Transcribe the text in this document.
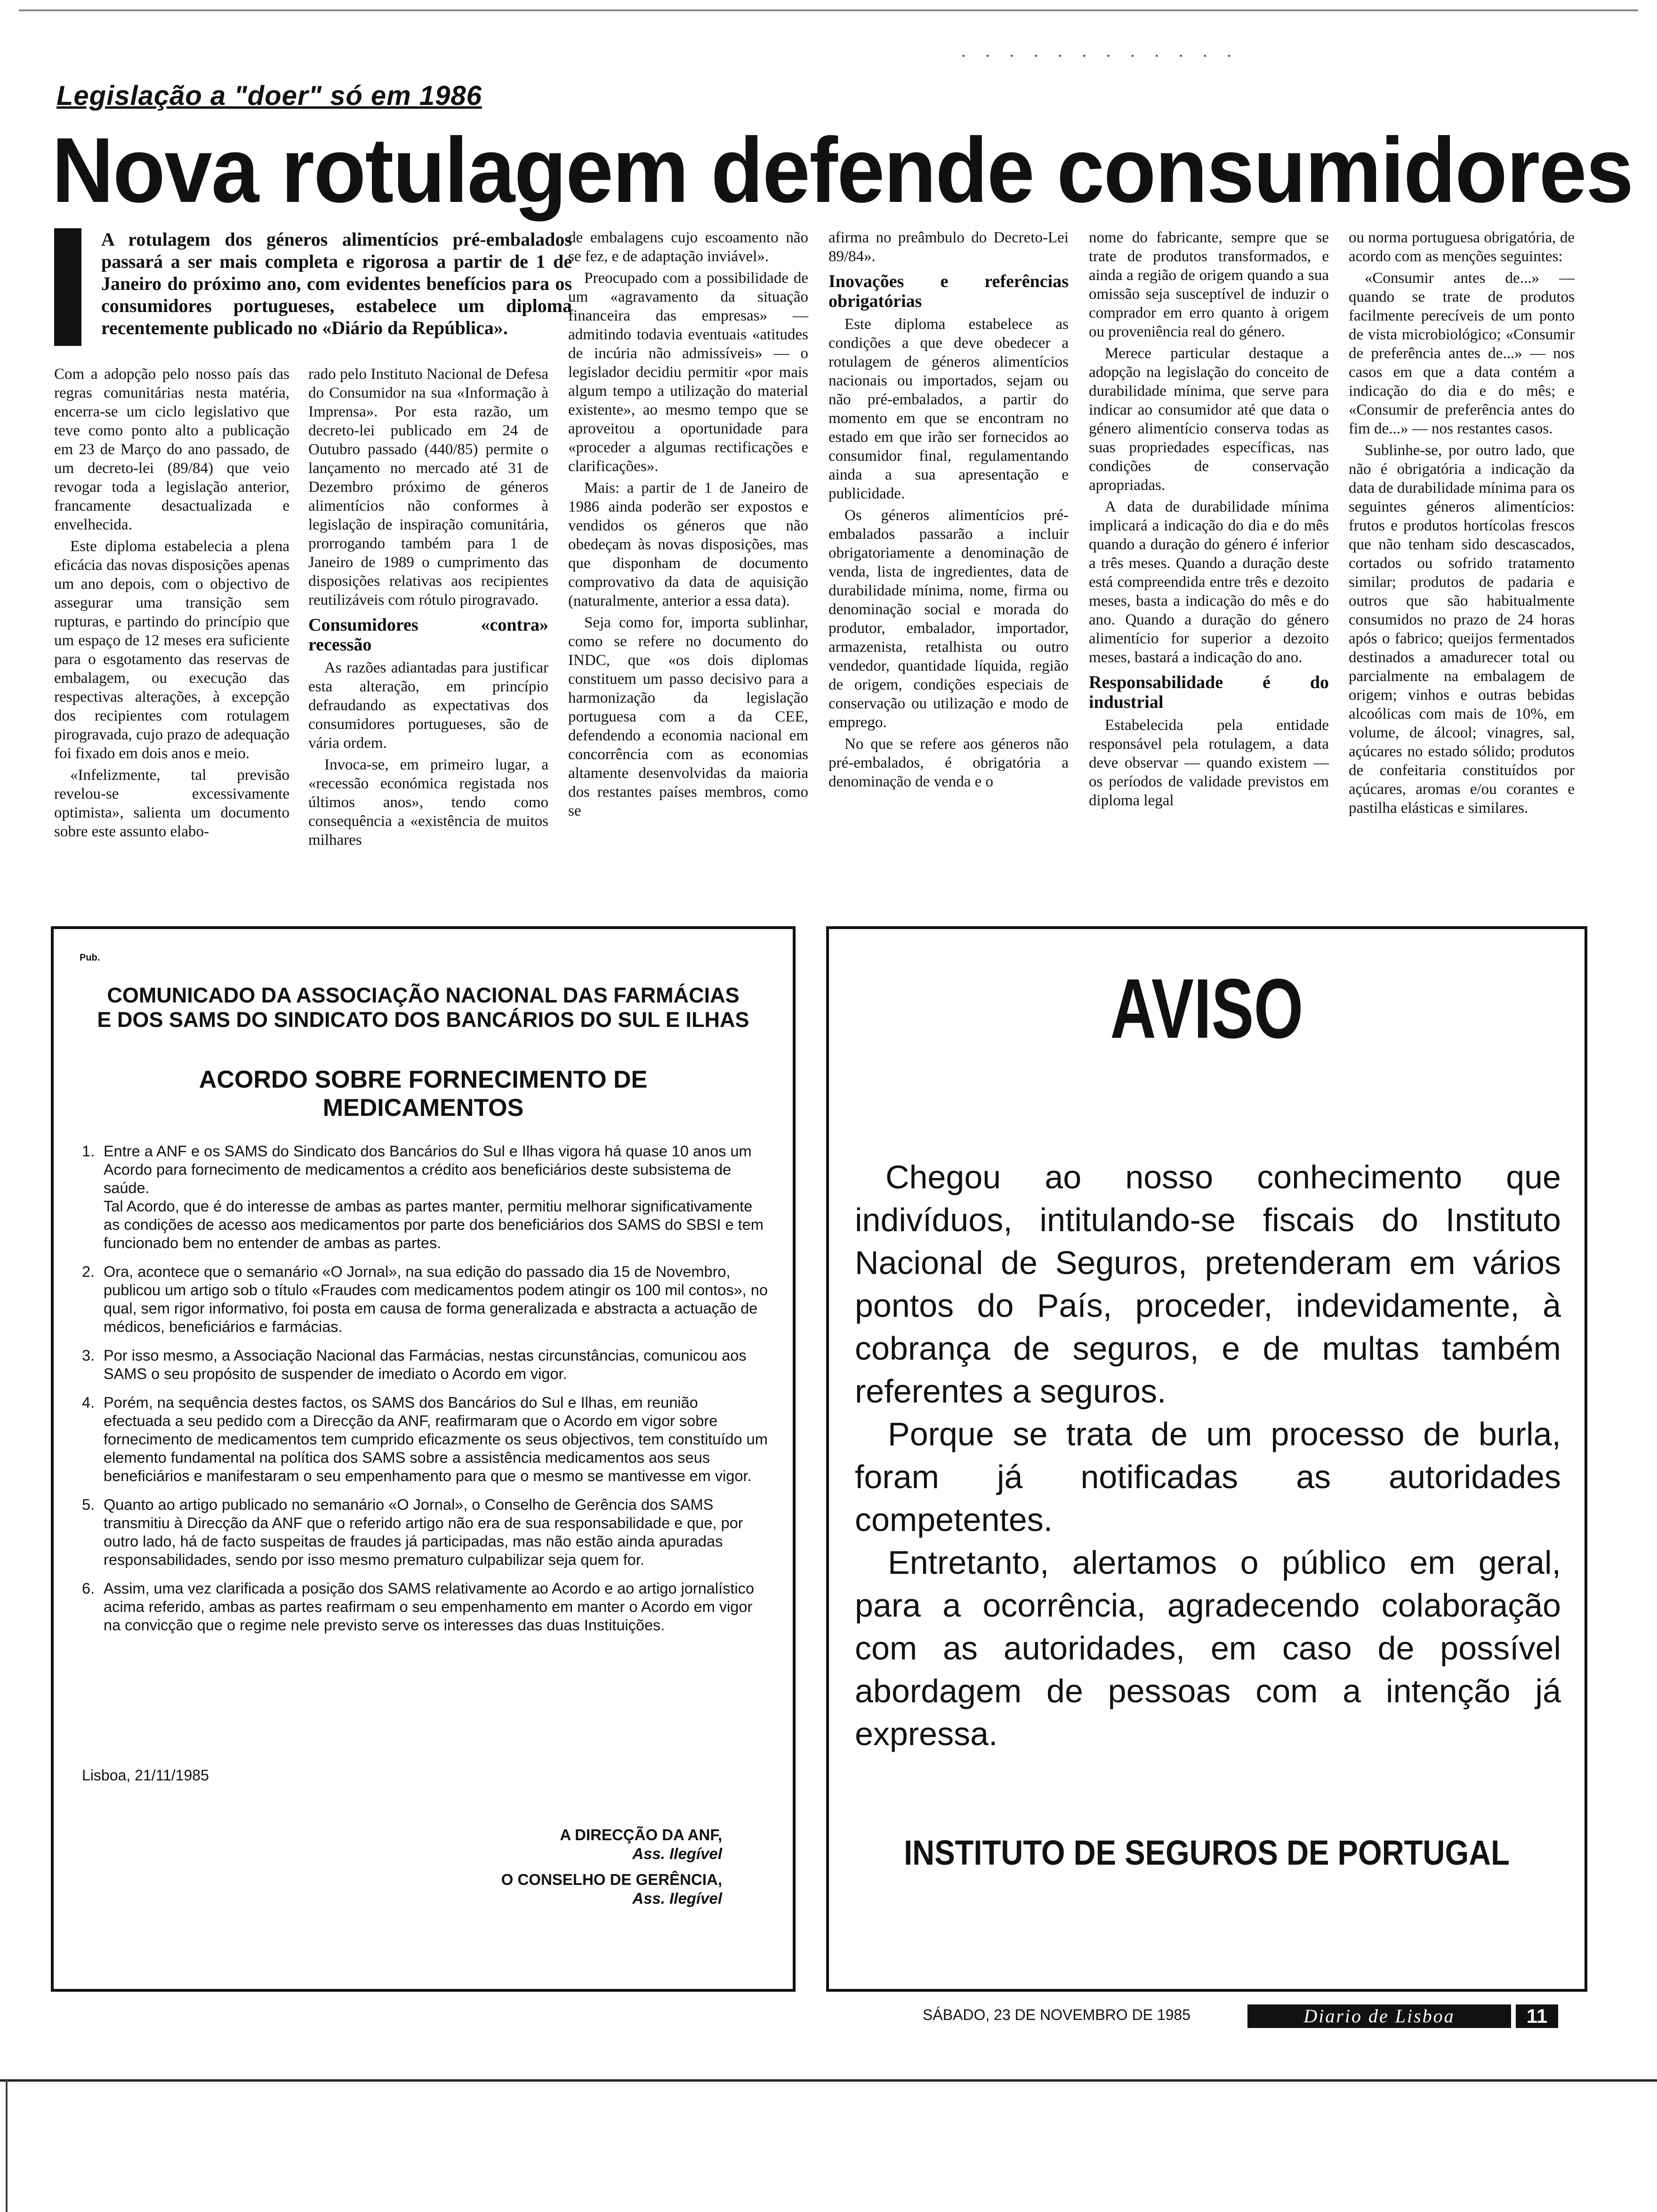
· · · · · · · · · · · ·
Legislação a "doer" só em 1986
Nova rotulagem defende consumidores

A rotulagem dos géneros alimentícios pré-embalados passará a ser mais completa e rigorosa a partir de 1 de Janeiro do próximo ano, com evidentes benefícios para os consumidores portugueses, estabelece um diploma recentemente publicado no «Diário da República».

Com a adopção pelo nosso país das regras comunitárias nesta matéria, encerra-se um ciclo legislativo que teve como ponto alto a publicação em 23 de Março do ano passado, de um decreto-lei (89/84) que veio revogar toda a legislação anterior, francamente desactualizada e envelhecida.

Este diploma estabelecia a plena eficácia das novas disposições apenas um ano depois, com o objectivo de assegurar uma transição sem rupturas, e partindo do princípio que um espaço de 12 meses era suficiente para o esgotamento das reservas de embalagem, ou execução das respectivas alterações, à excepção dos recipientes com rotulagem pirogravada, cujo prazo de adequação foi fixado em dois anos e meio.

«Infelizmente, tal previsão revelou-se excessivamente optimista», salienta um documento sobre este assunto elabo-

rado pelo Instituto Nacional de Defesa do Consumidor na sua «Informação à Imprensa». Por esta razão, um decreto-lei publicado em 24 de Outubro passado (440/85) permite o lançamento no mercado até 31 de Dezembro próximo de géneros alimentícios não conformes à legislação de inspiração comunitária, prorrogando também para 1 de Janeiro de 1989 o cumprimento das disposições relativas aos recipientes reutilizáveis com rótulo pirogravado.

Consumidores «contra» recessão

As razões adiantadas para justificar esta alteração, em princípio defraudando as expectativas dos consumidores portugueses, são de vária ordem.

Invoca-se, em primeiro lugar, a «recessão económica registada nos últimos anos», tendo como consequência a «existência de muitos milhares

de embalagens cujo escoamento não se fez, e de adaptação inviável».

Preocupado com a possibilidade de um «agravamento da situação financeira das empresas» — admitindo todavia eventuais «atitudes de incúria não admissíveis» — o legislador decidiu permitir «por mais algum tempo a utilização do material existente», ao mesmo tempo que se aproveitou a oportunidade para «proceder a algumas rectificações e clarificações».

Mais: a partir de 1 de Janeiro de 1986 ainda poderão ser expostos e vendidos os géneros que não obedeçam às novas disposições, mas que disponham de documento comprovativo da data de aquisição (naturalmente, anterior a essa data).

Seja como for, importa sublinhar, como se refere no documento do INDC, que «os dois diplomas constituem um passo decisivo para a harmonização da legislação portuguesa com a da CEE, defendendo a economia nacional em concorrência com as economias altamente desenvolvidas da maioria dos restantes países membros, como se

afirma no preâmbulo do Decreto-Lei 89/84».

Inovações e referências obrigatórias

Este diploma estabelece as condições a que deve obedecer a rotulagem de géneros alimentícios nacionais ou importados, sejam ou não pré-embalados, a partir do momento em que se encontram no estado em que irão ser fornecidos ao consumidor final, regulamentando ainda a sua apresentação e publicidade.

Os géneros alimentícios pré-embalados passarão a incluir obrigatoriamente a denominação de venda, lista de ingredientes, data de durabilidade mínima, nome, firma ou denominação social e morada do produtor, embalador, importador, armazenista, retalhista ou outro vendedor, quantidade líquida, região de origem, condições especiais de conservação ou utilização e modo de emprego.

No que se refere aos géneros não pré-embalados, é obrigatória a denominação de venda e o

nome do fabricante, sempre que se trate de produtos transformados, e ainda a região de origem quando a sua omissão seja susceptível de induzir o comprador em erro quanto à origem ou proveniência real do género.

Merece particular destaque a adopção na legislação do conceito de durabilidade mínima, que serve para indicar ao consumidor até que data o género alimentício conserva todas as suas propriedades específicas, nas condições de conservação apropriadas.

A data de durabilidade mínima implicará a indicação do dia e do mês quando a duração do género é inferior a três meses. Quando a duração deste está compreendida entre três e dezoito meses, basta a indicação do mês e do ano. Quando a duração do género alimentício for superior a dezoito meses, bastará a indicação do ano.

Responsabilidade é do industrial

Estabelecida pela entidade responsável pela rotulagem, a data deve observar — quando existem — os períodos de validade previstos em diploma legal

ou norma portuguesa obrigatória, de acordo com as menções seguintes:

«Consumir antes de...» — quando se trate de produtos facilmente perecíveis de um ponto de vista microbiológico; «Consumir de preferência antes de...» — nos casos em que a data contém a indicação do dia e do mês; e «Consumir de preferência antes do fim de...» — nos restantes casos.

Sublinhe-se, por outro lado, que não é obrigatória a indicação da data de durabilidade mínima para os seguintes géneros alimentícios: frutos e produtos hortícolas frescos que não tenham sido descascados, cortados ou sofrido tratamento similar; produtos de padaria e outros que são habitualmente consumidos no prazo de 24 horas após o fabrico; queijos fermentados destinados a amadurecer total ou parcialmente na embalagem de origem; vinhos e outras bebidas alcoólicas com mais de 10%, em volume, de álcool; vinagres, sal, açúcares no estado sólido; produtos de confeitaria constituídos por açúcares, aromas e/ou corantes e pastilha elásticas e similares.

Pub.
COMUNICADO DA ASSOCIAÇÃO NACIONAL DAS FARMÁCIAS
E DOS SAMS DO SINDICATO DOS BANCÁRIOS DO SUL E ILHAS
ACORDO SOBRE FORNECIMENTO DE
MEDICAMENTOS
1. Entre a ANF e os SAMS do Sindicato dos Bancários do Sul e Ilhas vigora há quase 10 anos um Acordo para fornecimento de medicamentos a crédito aos beneficiários deste subsistema de saúde.

Tal Acordo, que é do interesse de ambas as partes manter, permitiu melhorar significativamente as condições de acesso aos medicamentos por parte dos beneficiários dos SAMS do SBSI e tem funcionado bem no entender de ambas as partes.

2. Ora, acontece que o semanário «O Jornal», na sua edição do passado dia 15 de Novembro, publicou um artigo sob o título «Fraudes com medicamentos podem atingir os 100 mil contos», no qual, sem rigor informativo, foi posta em causa de forma generalizada e abstracta a actuação de médicos, beneficiários e farmácias.

3. Por isso mesmo, a Associação Nacional das Farmácias, nestas circunstâncias, comunicou aos SAMS o seu propósito de suspender de imediato o Acordo em vigor.

4. Porém, na sequência destes factos, os SAMS dos Bancários do Sul e Ilhas, em reunião efectuada a seu pedido com a Direcção da ANF, reafirmaram que o Acordo em vigor sobre fornecimento de medicamentos tem cumprido eficazmente os seus objectivos, tem constituído um elemento fundamental na política dos SAMS sobre a assistência medicamentos aos seus beneficiários e manifestaram o seu empenhamento para que o mesmo se mantivesse em vigor.

5. Quanto ao artigo publicado no semanário «O Jornal», o Conselho de Gerência dos SAMS transmitiu à Direcção da ANF que o referido artigo não era de sua responsabilidade e que, por outro lado, há de facto suspeitas de fraudes já participadas, mas não estão ainda apuradas responsabilidades, sendo por isso mesmo prematuro culpabilizar seja quem for.

6. Assim, uma vez clarificada a posição dos SAMS relativamente ao Acordo e ao artigo jornalístico acima referido, ambas as partes reafirmam o seu empenhamento em manter o Acordo em vigor na convicção que o regime nele previsto serve os interesses das duas Instituições.

Lisboa, 21/11/1985
A DIRECÇÃO DA ANF,
Ass. Ilegível
O CONSELHO DE GERÊNCIA,
Ass. Ilegível
AVISO

Chegou ao nosso conhecimento que indivíduos, intitulando-se fiscais do Instituto Nacional de Seguros, pretenderam em vários pontos do País, proceder, indevidamente, à cobrança de seguros, e de multas também referentes a seguros.

Porque se trata de um processo de burla, foram já notificadas as autoridades competentes.

Entretanto, alertamos o público em geral, para a ocorrência, agradecendo colaboração com as autoridades, em caso de possível abordagem de pessoas com a intenção já expressa.

INSTITUTO DE SEGUROS DE PORTUGAL
SÁBADO, 23 DE NOVEMBRO DE 1985	Diario de Lisboa	11
